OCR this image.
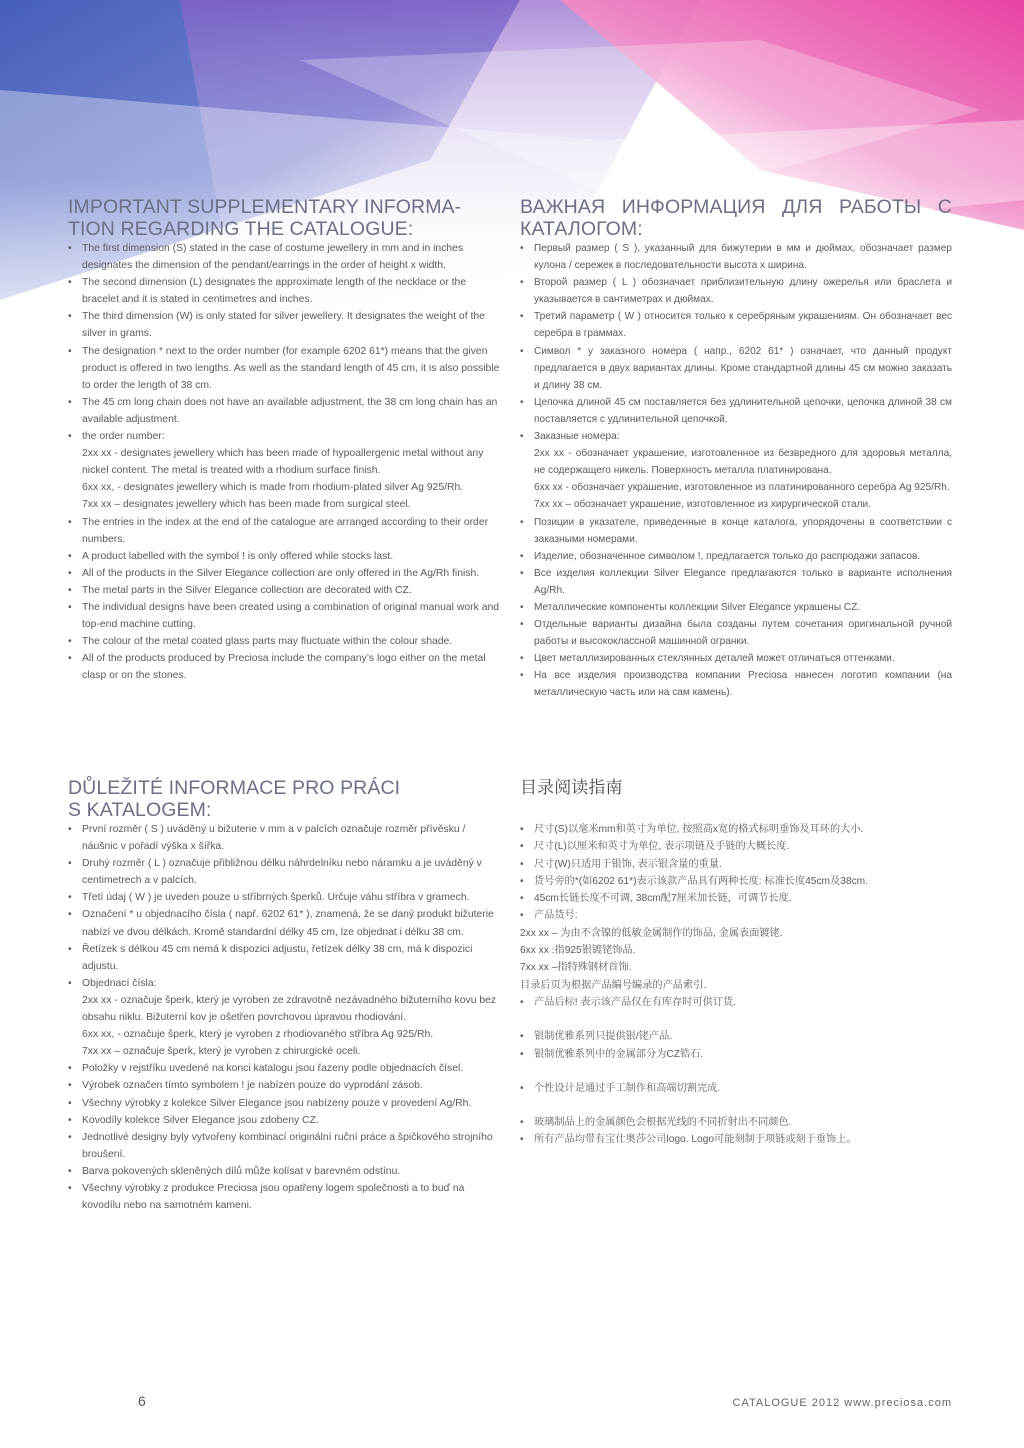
IMPORTANT SUPPLEMENTARY INFORMA-TION REGARDING THE CATALOGUE:
• The first dimension (S) stated in the case of costume jewellery in mm and in inches designates the dimension of the pendant/earrings in the order of height x width.
• The second dimension (L) designates the approximate length of the necklace or the bracelet and it is stated in centimetres and inches.
• The third dimension (W) is only stated for silver jewellery. It designates the weight of the silver in grams.
• The designation * next to the order number (for example 6202 61*) means that the given product is offered in two lengths. As well as the standard length of 45 cm, it is also possible to order the length of 38 cm.
• The 45 cm long chain does not have an available adjustment, the 38 cm long chain has an available adjustment.
• the order number:
2xx xx - designates jewellery which has been made of hypoallergenic metal without any nickel content. The metal is treated with a rhodium surface finish.
6xx xx, - designates jewellery which is made from rhodium-plated silver Ag 925/Rh.
7xx xx – designates jewellery which has been made from surgical steel.
• The entries in the index at the end of the catalogue are arranged according to their order numbers.
• A product labelled with the symbol ! is only offered while stocks last.
• All of the products in the Silver Elegance collection are only offered in the Ag/Rh finish.
• The metal parts in the Silver Elegance collection are decorated with CZ.
• The individual designs have been created using a combination of original manual work and top-end machine cutting.
• The colour of the metal coated glass parts may fluctuate within the colour shade.
• All of the products produced by Preciosa include the company’s logo either on the metal clasp or on the stones.
ВАЖНАЯ ИНФОРМАЦИЯ ДЛЯ РАБОТЫ С КАТАЛОГОМ:
• Первый размер ( S ), указанный для бижутерии в мм и дюймах, обозначает размер кулона / сережек в последовательности высота х ширина.
• Второй размер ( L ) обозначает приблизительную длину ожерелья или браслета и указывается в сантиметрах и дюймах.
• Третий параметр ( W ) относится только к серебряным украшениям. Он обозначает вес серебра в граммах.
• Символ * у заказного номера ( напр., 6202 61* ) означает, что данный продукт предлагается в двух вариантах длины. Кроме стандартной длины 45 см можно заказать и длину 38 см.
• Цепочка длиной 45 см поставляется без удлинительной цепочки, цепочка длиной 38 см поставляется с удлинительной цепочкой.
• Заказные номера:
2xx xx - обозначает украшение, изготовленное из безвредного для здоровья металла, не содержащего никель. Поверхность металла платинирована.
6xx xx - обозначает украшение, изготовленное из платинированного серебра Ag 925/Rh.
7xx xx – обозначает украшение, изготовленное из хирургической стали.
• Позиции в указателе, приведенные в конце каталога, упорядочены в соответствии с заказными номерами.
• Изделие, обозначенное символом !, предлагается только до распродажи запасов.
• Все изделия коллекции Silver Elegance предлагаются только в варианте исполнения Ag/Rh.
• Металлические компоненты коллекции Silver Elegance украшены CZ.
• Отдельные варианты дизайна была созданы путем сочетания оригинальной ручной работы и высококлассной машинной огранки.
• Цвет металлизированных стеклянных деталей может отличаться оттенками.
• На все изделия производства компании Preciosa нанесен логотип компании (на металлическую часть или на сам камень).
DŮLEŽITÉ INFORMACE PRO PRÁCI
S KATALOGEM:
• První rozměr ( S ) uváděný u bižuterie v mm a v palcích označuje rozměr přívěsku / náušnic v pořadí výška x šířka.
• Druhý rozměr ( L ) označuje přibližnou délku náhrdelníku nebo náramku a je uváděný v centimetrech a v palcích.
• Třetí údaj ( W ) je uveden pouze u stříbrných šperků. Určuje váhu stříbra v gramech.
• Označení * u objednacího čísla ( např. 6202 61* ), znamená, že se daný produkt bižuterie nabízí ve dvou délkách. Kromě standardní délky 45 cm, lze objednat i délku 38 cm.
• Řetízek s délkou 45 cm nemá k dispozici adjustu, řetízek délky 38 cm, má k dispozici adjustu.
• Objednací čísla:
2xx xx - označuje šperk, který je vyroben ze zdravotně nezávadného bižuterního kovu bez obsahu niklu. Bižuterní kov je ošetřen povrchovou úpravou rhodiování.
6xx xx, - označuje šperk, který je vyroben z rhodiovaného stříbra Ag 925/Rh.
7xx xx – označuje šperk, který je vyroben z chirurgické oceli.
• Položky v rejstříku uvedené na konci katalogu jsou řazeny podle objednacích čísel.
• Výrobek označen tímto symbolem ! je nabízen pouze do vyprodání zásob.
• Všechny výrobky z kolekce Silver Elegance jsou nabízeny pouze v provedení Ag/Rh.
• Kovodíly kolekce Silver Elegance jsou zdobeny CZ.
• Jednotlivé designy byly vytvořeny kombinací originální ruční práce a špičkového strojního broušení.
• Barva pokovených skleněných dílů může kolísat v barevném odstínu.
• Všechny výrobky z produkce Preciosa jsou opatřeny logem společnosti a to buď na kovodílu nebo na samotném kameni.
目录阅读指南
• 尺寸(S)以毫米mm和英寸为单位, 按照高x宽的格式标明垂饰及耳环的大小.
• 尺寸(L)以厘米和英寸为单位, 表示项链及手链的大概长度.
• 尺寸(W)只适用于银饰, 表示银含量的重量.
• 货号旁的*(如6202 61*)表示该款产品具有两种长度: 标准长度45cm及38cm.
• 45cm长链长度不可调, 38cm配7厘米加长链，可调节长度.
• 产品货号:
2xx xx – 为由不含镍的低敏金属制作的饰品, 金属表面镀铑.
6xx xx :指925银镀铑饰品.
7xx xx –指特殊钢材首饰.
目录后页为根据产品编号编录的产品索引.
• 产品后标! 表示该产品仅在有库存时可供订货.
• 银制优雅系列只提供银/铑产品.
• 银制优雅系列中的金属部分为CZ锆石.
• 个性设计是通过手工制作和高端切割完成.
• 玻璃制品上的金属颜色会根据光线的不同折射出不同颜色.
• 所有产品均带有宝仕奥莎公司logo. Logo可能刻制于项链或刻于垂饰上。
6	CATALOGUE 2012 www.preciosa.com
